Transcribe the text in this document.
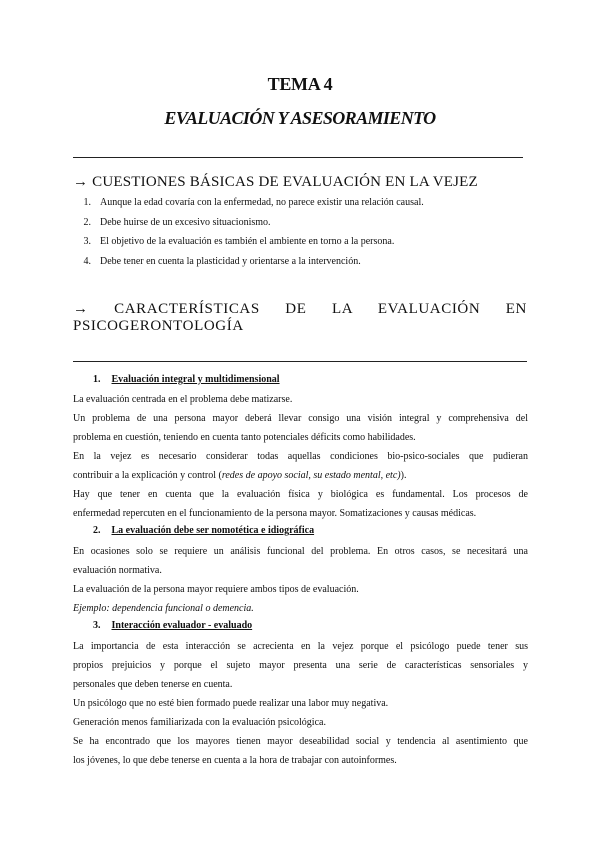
TEMA 4
EVALUACIÓN Y ASESORAMIENTO
→ CUESTIONES BÁSICAS DE EVALUACIÓN EN LA VEJEZ
1. Aunque la edad covaría con la enfermedad, no parece existir una relación causal.
2. Debe huirse de un excesivo situacionismo.
3. El objetivo de la evaluación es también el ambiente en torno a la persona.
4. Debe tener en cuenta la plasticidad y orientarse a la intervención.
→ CARACTERÍSTICAS DE LA EVALUACIÓN EN
PSICOGERONTOLOGÍA
1. Evaluación integral y multidimensional
La evaluación centrada en el problema debe matizarse.
Un problema de una persona mayor deberá llevar consigo una visión integral y comprehensiva del
problema en cuestión, teniendo en cuenta tanto potenciales déficits como habilidades.
En la vejez es necesario considerar todas aquellas condiciones bio-psico-sociales que pudieran
contribuir a la explicación y control (redes de apoyo social, su estado mental, etc)).
Hay que tener en cuenta que la evaluación física y biológica es fundamental. Los procesos de
enfermedad repercuten en el funcionamiento de la persona mayor. Somatizaciones y causas médicas.
2. La evaluación debe ser nomotética e idiográfica
En ocasiones solo se requiere un análisis funcional del problema. En otros casos, se necesitará una
evaluación normativa.
La evaluación de la persona mayor requiere ambos tipos de evaluación.
Ejemplo: dependencia funcional o demencia.
3. Interacción evaluador - evaluado
La importancia de esta interacción se acrecienta en la vejez porque el psicólogo puede tener sus
propios prejuicios y porque el sujeto mayor presenta una serie de características sensoriales y
personales que deben tenerse en cuenta.
Un psicólogo que no esté bien formado puede realizar una labor muy negativa.
Generación menos familiarizada con la evaluación psicológica.
Se ha encontrado que los mayores tienen mayor deseabilidad social y tendencia al asentimiento que
los jóvenes, lo que debe tenerse en cuenta a la hora de trabajar con autoinformes.
